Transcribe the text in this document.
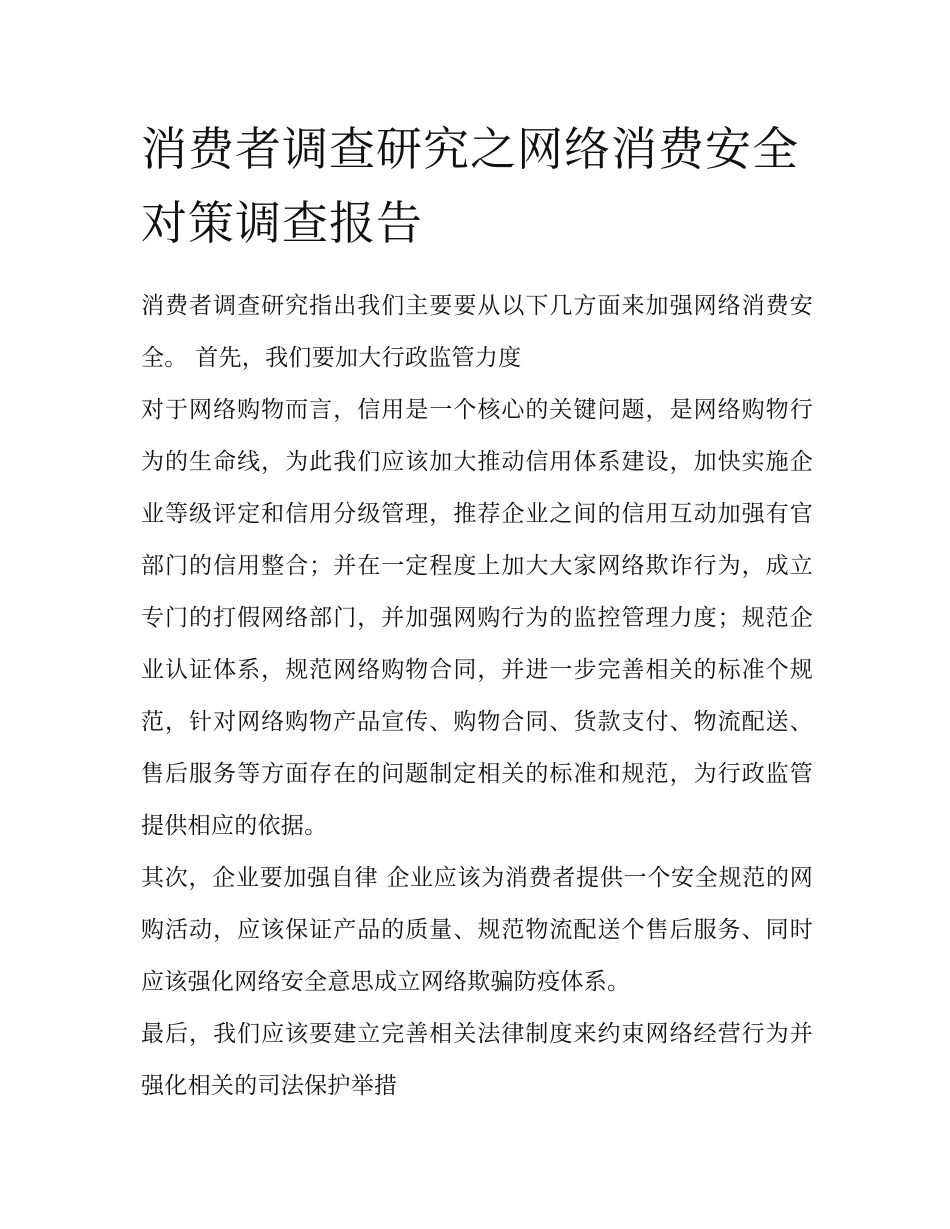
消费者调查研究之网络消费安全对策调查报告

消费者调查研究指出我们主要要从以下几方面来加强网络消费安全。 首先，我们要加大行政监管力度

对于网络购物而言，信用是一个核心的关键问题，是网络购物行为的生命线，为此我们应该加大推动信用体系建设，加快实施企业等级评定和信用分级管理，推荐企业之间的信用互动加强有官部门的信用整合；并在一定程度上加大大家网络欺诈行为，成立专门的打假网络部门，并加强网购行为的监控管理力度；规范企业认证体系，规范网络购物合同，并进一步完善相关的标准个规范，针对网络购物产品宣传、购物合同、货款支付、物流配送、售后服务等方面存在的问题制定相关的标准和规范，为行政监管提供相应的依据。

其次，企业要加强自律 企业应该为消费者提供一个安全规范的网购活动，应该保证产品的质量、规范物流配送个售后服务、同时应该强化网络安全意思成立网络欺骗防疫体系。

最后，我们应该要建立完善相关法律制度来约束网络经营行为并强化相关的司法保护举措
